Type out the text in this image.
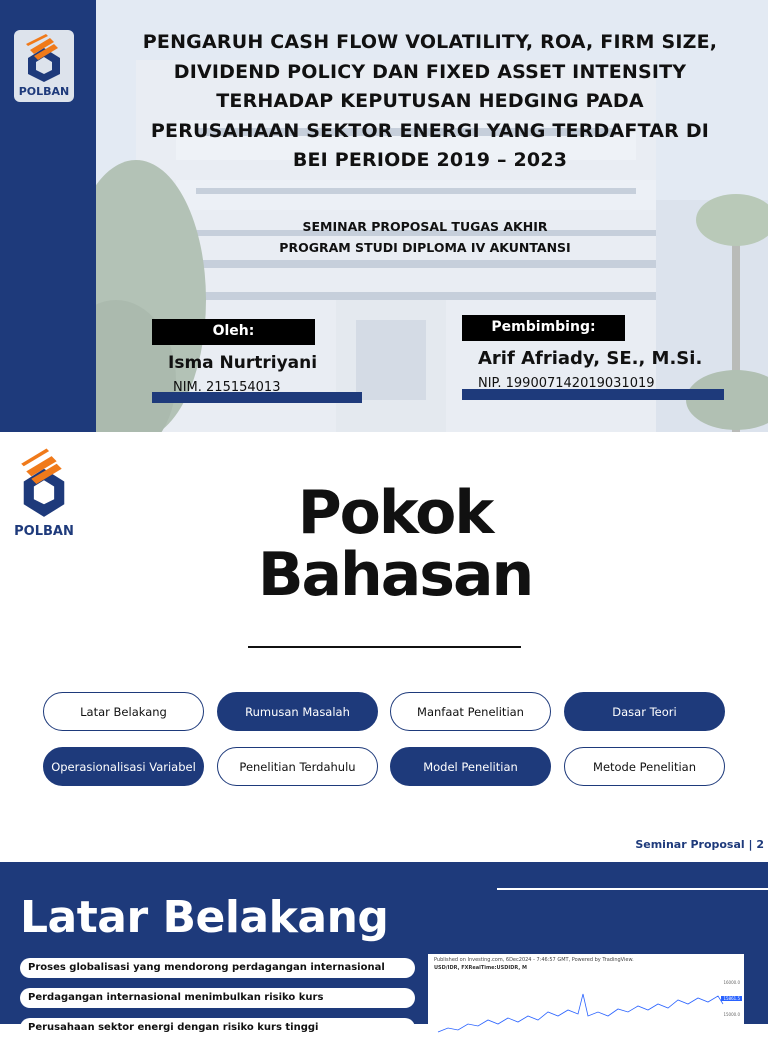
POLBAN
PENGARUH CASH FLOW VOLATILITY, ROA, FIRM SIZE, DIVIDEND POLICY DAN FIXED ASSET INTENSITY TERHADAP KEPUTUSAN HEDGING PADA PERUSAHAAN SEKTOR ENERGI YANG TERDAFTAR DI BEI PERIODE 2019 – 2023
SEMINAR PROPOSAL TUGAS AKHIR
PROGRAM STUDI DIPLOMA IV AKUNTANSI
Oleh:
Isma Nurtriyani
NIM. 215154013
Pembimbing:
Arif Afriady, SE., M.Si.
NIP. 199007142019031019
POLBAN	Pokok
Bahasan
Latar Belakang	Rumusan Masalah	Manfaat Penelitian	Dasar Teori
Operasionalisasi Variabel	Penelitian Terdahulu	Model Penelitian	Metode Penelitian
Seminar Proposal | 2
Latar Belakang
Proses globalisasi yang mendorong perdagangan internasional
Perdagangan internasional menimbulkan risiko kurs
Perusahaan sektor energi dengan risiko kurs tinggi
Published on Investing.com, 6Dec2024 - 7:46:57 GMT, Powered by TradingView.
USD/IDR, FXRealTime:USDIDR, M
16000.0
15861.5
15000.0
